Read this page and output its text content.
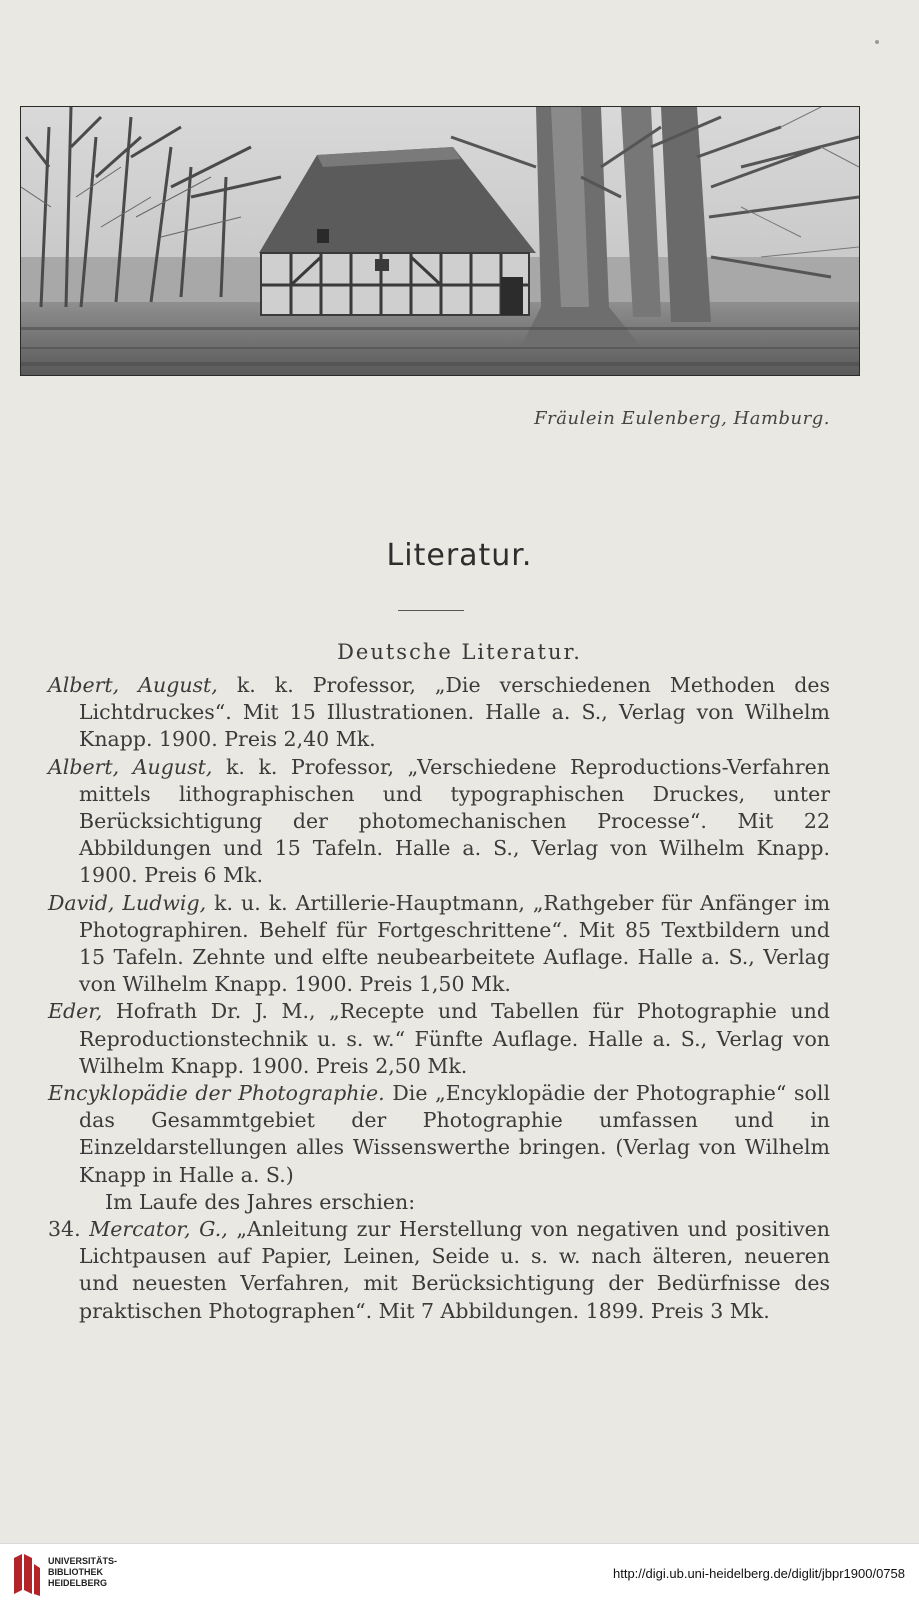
Fräulein Eulenberg, Hamburg.
Literatur.
Deutsche Literatur.

Albert, August, k. k. Professor, „Die verschiedenen Methoden des Lichtdruckes“. Mit 15 Illustrationen. Halle a. S., Verlag von Wilhelm Knapp. 1900. Preis 2,40 Mk.

Albert, August, k. k. Professor, „Verschiedene Reproductions-Verfahren mittels lithographischen und typographischen Druckes, unter Berücksichtigung der photomechanischen Processe“. Mit 22 Abbildungen und 15 Tafeln. Halle a. S., Verlag von Wilhelm Knapp. 1900. Preis 6 Mk.

David, Ludwig, k. u. k. Artillerie-Hauptmann, „Rathgeber für Anfänger im Photographiren. Behelf für Fortgeschrittene“. Mit 85 Textbildern und 15 Tafeln. Zehnte und elfte neubearbeitete Auflage. Halle a. S., Verlag von Wilhelm Knapp. 1900. Preis 1,50 Mk.

Eder, Hofrath Dr. J. M., „Recepte und Tabellen für Photographie und Reproductionstechnik u. s. w.“ Fünfte Auflage. Halle a. S., Verlag von Wilhelm Knapp. 1900. Preis 2,50 Mk.

Encyklopädie der Photographie. Die „Encyklopädie der Photographie“ soll das Gesammtgebiet der Photographie umfassen und in Einzeldarstellungen alles Wissenswerthe bringen. (Verlag von Wilhelm Knapp in Halle a. S.)

Im Laufe des Jahres erschien:

34. Mercator, G., „Anleitung zur Herstellung von negativen und positiven Lichtpausen auf Papier, Leinen, Seide u. s. w. nach älteren, neueren und neuesten Verfahren, mit Berücksichtigung der Bedürfnisse des praktischen Photographen“. Mit 7 Abbildungen. 1899. Preis 3 Mk.

UNIVERSITÄTS-
BIBLIOTHEK
HEIDELBERG
http://digi.ub.uni-heidelberg.de/diglit/jbpr1900/0758
